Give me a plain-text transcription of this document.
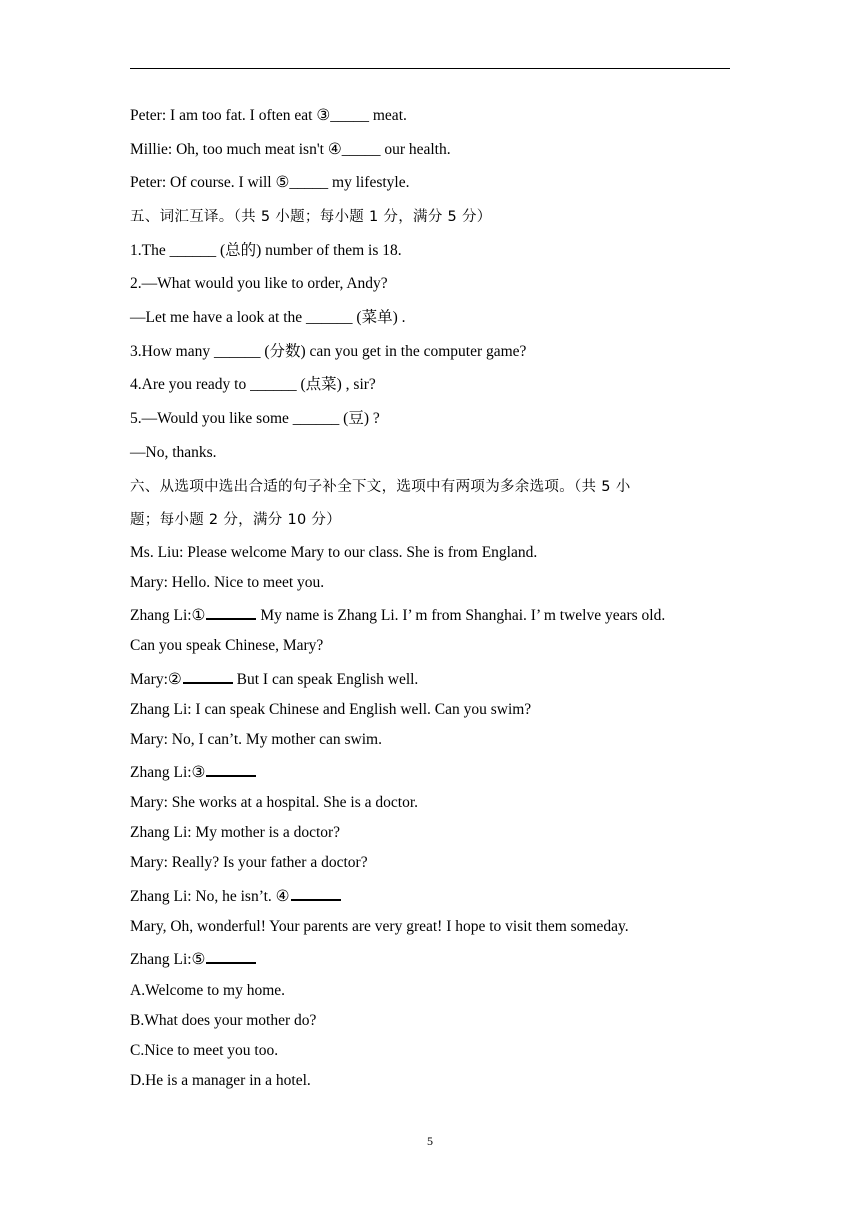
Peter: I am too fat. I often eat ③_____ meat.

Millie: Oh, too much meat isn't ④_____ our health.

Peter: Of course. I will ⑤_____ my lifestyle.

五、词汇互译。（共 5 小题；每小题 1 分，满分 5 分）

1.The ______ (总的) number of them is 18.

2.—What would you like to order, Andy?

—Let me have a look at the ______ (菜单) .

3.How many ______ (分数) can you get in the computer game?

4.Are you ready to ______ (点菜) , sir?

5.—Would you like some ______ (豆) ?

—No, thanks.

六、从选项中选出合适的句子补全下文，选项中有两项为多余选项。（共 5 小

题；每小题 2 分，满分 10 分）

Ms. Liu: Please welcome Mary to our class. She is from England.

Mary: Hello. Nice to meet you.

Zhang Li:①	My name is Zhang Li. I’ m from Shanghai. I’ m twelve years old.

Can you speak Chinese, Mary?

Mary:②	But I can speak English well.

Zhang Li: I can speak Chinese and English well. Can you swim?

Mary: No, I can’t. My mother can swim.

Zhang Li:③

Mary: She works at a hospital. She is a doctor.

Zhang Li: My mother is a doctor?

Mary: Really? Is your father a doctor?

Zhang Li: No, he isn’t. ④

Mary, Oh, wonderful! Your parents are very great! I hope to visit them someday.

Zhang Li:⑤

A.Welcome to my home.

B.What does your mother do?

C.Nice to meet you too.

D.He is a manager in a hotel.

5
